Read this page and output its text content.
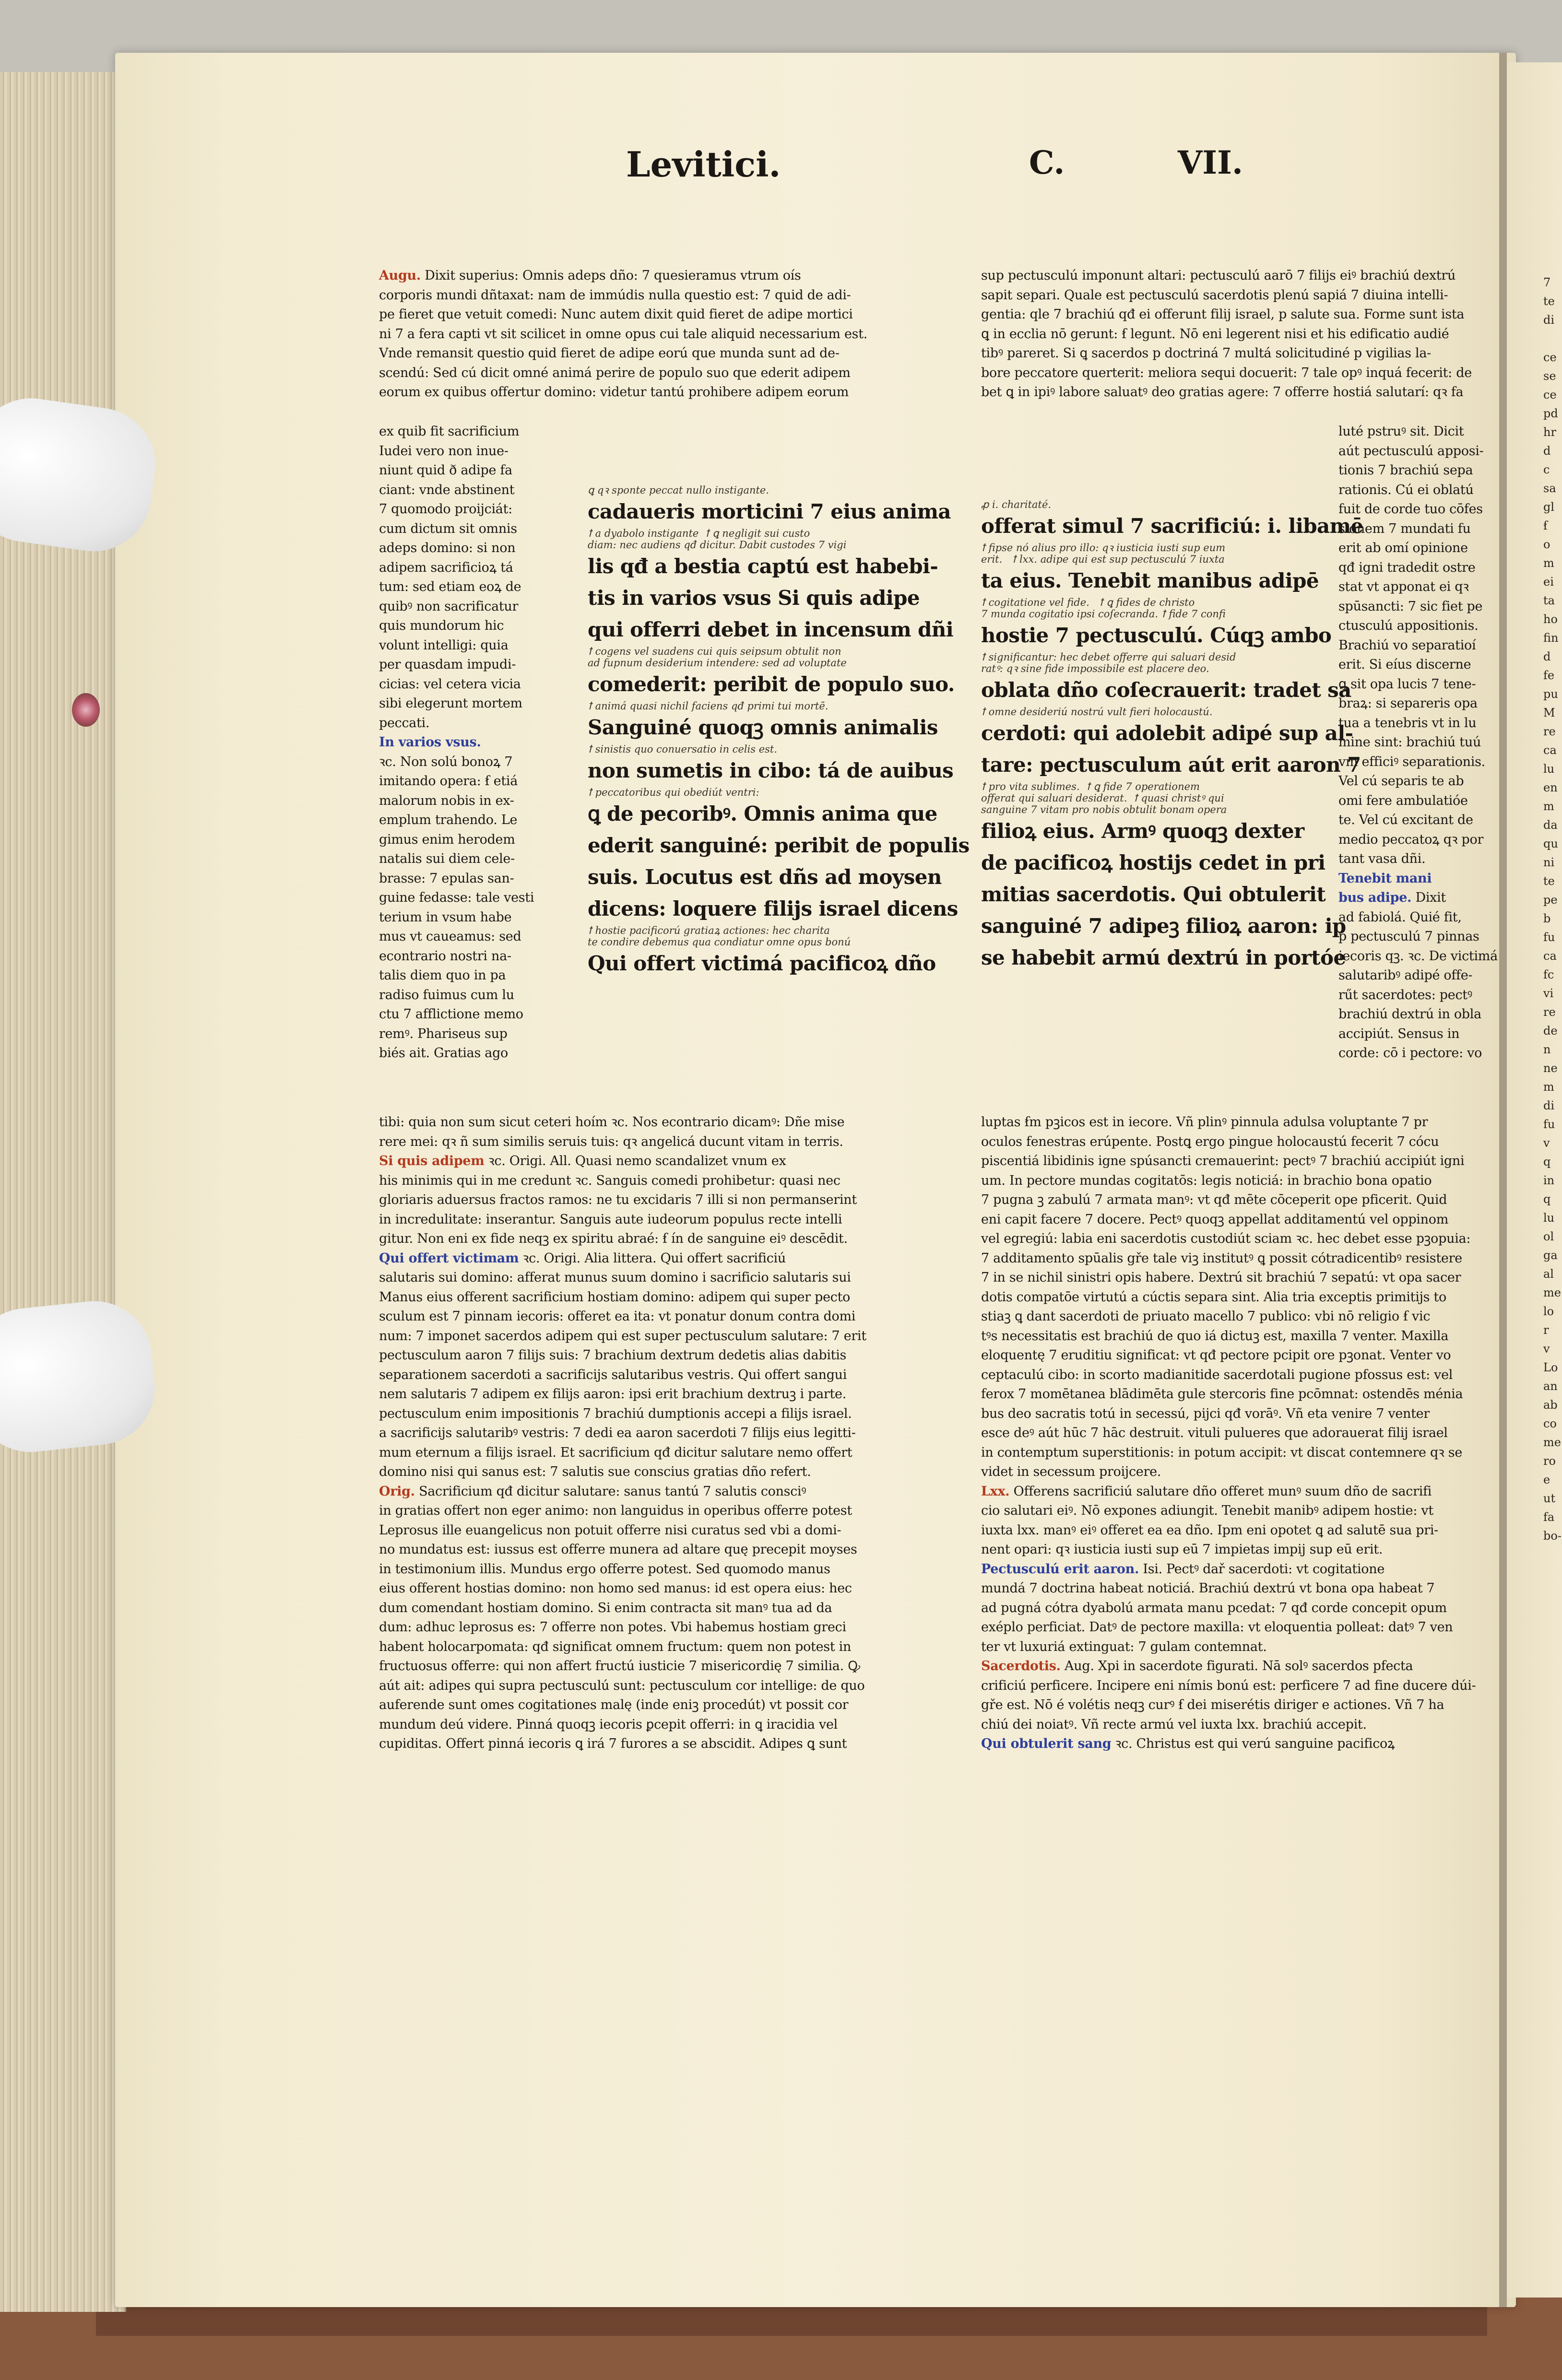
7
te
di

ce
se
ce
pd
hr
d
c
sa
gl
ẜ
o
m
ei
ta
ho
fin
d
fe
pu
M
re
ca
lu
en
m
da
qu
ni
te
pe
b
fu
ca
fc
vi
re
de
n
ne
m
di
fu
v
q
in
q
lu
ol
ga
al
me
lo
r
v
Lo
an
ab
co
me
ro
e
ut
fa
bo-
Levitici.	C.	VII.
Augu. Dixit superius: Omnis adeps dño: 7 quesieramus vtrum oís
corporis mundi dñtaxat: nam de immúdis nulla questio est: 7 quid de adi-
pe fieret que vetuit comedi: Nunc autem dixit quid fieret de adipe mortici
ni 7 a fera capti vt sit scilicet in omne opus cui tale aliquid necessarium est.
Vnde remansit questio quid fieret de adipe eorú que munda sunt ad de-
scendú: Sed cú dicit omné animá perire de populo suo que ederit adipem
eorum ex quibus offertur domino: videtur tantú prohibere adipem eorum
sup pectusculú imponunt altari: pectusculú aarō 7 filijs eiꝰ brachiú dextrú
sapit separi. Quale est pectusculú sacerdotis plenú sapiá 7 diuina intelli-
gentia: qle 7 brachiú qđ ei offerunt filij israel, p salute sua. Forme sunt ista
ꝗ in ecclia nō gerunt: ẜ legunt. Nō eni legerent nisi et his edificatio audié
tibꝰ pareret. Si ꝗ sacerdos p doctriná 7 multá solicitudiné p vigilias la-
bore peccatore querterit: meliora sequi docuerit: 7 tale opꝰ inquá fecerit: de
bet ꝗ in ipiꝰ labore saluatꝰ deo gratias agere: 7 offerre hostiá salutarí: qꝛ fa
ex quib fit sacrificium
Iudei vero non inue-
niunt quid ð adipe fa
ciant: vnde abstinent
7 quomodo proijciát:
cum dictum sit omnis
adeps domino: si non
adipem sacrificioꝝ tá
tum: sed etiam eoꝝ de
quibꝰ non sacrificatur
quis mundorum hic
volunt intelligi: quia
per quasdam impudi-
cicias: vel cetera vicia
sibi elegerunt mortem
peccati.
In varios vsus.
ꝛc. Non solú bonoꝝ 7
imitando opera: ẜ etiá
malorum nobis in ex-
emplum trahendo. Le
gimus enim herodem
natalis sui diem cele-
brasse: 7 epulas san-
guine fedasse: tale vesti
terium in vsum habe
mus vt caueamus: sed
econtrario nostri na-
talis diem quo in pa
radiso fuimus cum lu
ctu 7 afflictione memo
remꝰ. Phariseus sup
biés ait. Gratias ago
luté pstruꝰ sit. Dicit
aút pectusculú apposi-
tionis 7 brachiú sepa
rationis. Cú ei oblatú
fuit de corde tuo cōfes
sionem 7 mundati fu
erit ab omí opinione
qđ igni tradedit ostre
stat vt apponat ei qꝛ
spūsancti: 7 sic fiet pe
ctusculú appositionis.
Brachiú vo separatioí
erit. Si eíus discerne
ꝗ sit opa lucis 7 tene-
braꝝ: si separeris opa
tua a tenebris vt in lu
mine sint: brachiú tuú
vm efficiꝰ separationis.
Vel cú separis te ab
omi fere ambulatióe
te. Vel cú excitant de
medio peccatoꝝ qꝛ por
tant vasa dñi.
Tenebit mani
bus adipe. Dixit
ad fabiolá. Quié fit,
p pectusculú 7 pinnas
iecoris qꝫ. ꝛc. De victimá
salutaribꝰ adipé offe-
rűt sacerdotes: pectꝰ
brachiú dextrú in obla
accipiút. Sensus in
corde: cō i pectore: vo
ꝗ qꝛ sponte peccat nullo instigante.
cadaueris morticini 7 eius anima
ꝉ a dyabolo instigante  ꝉ ꝗ negligit sui custo
diam: nec audiens qđ dicitur. Dabit custodes 7 vigi
lis qđ a bestia captú est habebi-
tis in varios vsus Si quis adipe
qui offerri debet in incensum dñi
ꝉ cogens vel suadens cui quis seipsum obtulit non
ad fupnum desiderium intendere: sed ad voluptate
comederit: peribit de populo suo.
ꝉ animá quasi nichil faciens qđ primi tui mortē.
Sanguiné quoqꝫ omnis animalis
ꝉ sinistis quo conuersatio in celis est.
non sumetis in cibo: tá de auibus
ꝉ peccatoribus qui obediút ventri:
ꝗ de pecoribꝰ. Omnis anima que
ederit sanguiné: peribit de populis
suis. Locutus est dñs ad moysen
dicens: loquere filijs israel dicens
ꝉ hostie pacificorú gratiaꝝ actiones: hec charita
te condire debemus qua condiatur omne opus bonú
Qui offert victimá pacificoꝝ dño
ꝓ i. charitaté.
offerat simul 7 sacrificiú: i. libamē
ꝉ fipse nó alius pro illo: qꝛ iusticia iusti sup eum
erit.   ꝉ lxx. adipe qui est sup pectusculú 7 iuxta
ta eius. Tenebit manibus adipē
ꝉ cogitatione vel fide.   ꝉ ꝗ fides de christo
7 munda cogitatio ipsi coſecranda. ꝉ fide 7 confi
hostie 7 pectusculú. Cúqꝫ ambo
ꝉ significantur: hec debet offerre qui saluari desid
ratꝰ: qꝛ sine fide impossibile est placere deo.
oblata dño coſecrauerit: tradet sa
ꝉ omne desideriú nostrú vult fieri holocaustú.
cerdoti: qui adolebit adipé sup al-
tare: pectusculum aút erit aaron 7
ꝉ pro vita sublimes.  ꝉ ꝗ fide 7 operationem
offerat qui saluari desiderat.  ꝉ quasi christꝰ qui
sanguine 7 vitam pro nobis obtulit bonam opera
filioꝝ eius. Armꝰ quoqꝫ dexter
de pacificoꝝ hostijs cedet in pri
mitias sacerdotis. Qui obtulerit
sanguiné 7 adipeꝫ filioꝝ aaron: ip
se habebit armú dextrú in portóe
tibi: quia non sum sicut ceteri hoím ꝛc. Nos econtrario dicamꝰ: Dñe mise
rere mei: qꝛ ñ sum similis seruis tuis: qꝛ angelicá ducunt vitam in terris.
Si quis adipem ꝛc. Origi. All. Quasi nemo scandalizet vnum ex
his minimis qui in me credunt ꝛc. Sanguis comedi prohibetur: quasi nec
gloriaris aduersus fractos ramos: ne tu excidaris 7 illi si non permanserint
in incredulitate: inserantur. Sanguis aute iudeorum populus recte intelli
gitur. Non eni ex fide neqꝫ ex spiritu abraé: ẜ ín de sanguine eiꝰ descēdit.
Qui offert victimam ꝛc. Origi. Alia littera. Qui offert sacrificiú
salutaris sui domino: afferat munus suum domino i sacrificio salutaris sui
Manus eius offerent sacrificium hostiam domino: adipem qui super pecto
sculum est 7 pinnam iecoris: offeret ea ita: vt ponatur donum contra domi
num: 7 imponet sacerdos adipem qui est super pectusculum salutare: 7 erit
pectusculum aaron 7 filijs suis: 7 brachium dextrum dedetis alias dabitis
separationem sacerdoti a sacrificijs salutaribus vestris. Qui offert sangui
nem salutaris 7 adipem ex filijs aaron: ipsi erit brachium dextruꝫ i parte.
pectusculum enim impositionis 7 brachiú dumptionis accepi a filijs israel.
a sacrificijs salutaribꝰ vestris: 7 dedi ea aaron sacerdoti 7 filijs eius legitti-
mum eternum a filijs israel. Et sacrificium qđ dicitur salutare nemo offert
domino nisi qui sanus est: 7 salutis sue conscius gratias dño refert.
Orig. Sacrificium qđ dicitur salutare: sanus tantú 7 salutis consciꝰ
in gratias offert non eger animo: non languidus in operibus offerre potest
Leprosus ille euangelicus non potuit offerre nisi curatus sed vbi a domi-
no mundatus est: iussus est offerre munera ad altare quę precepit moyses
in testimonium illis. Mundus ergo offerre potest. Sed quomodo manus
eius offerent hostias domino: non homo sed manus: id est opera eius: hec
dum comendant hostiam domino. Si enim contracta sit manꝰ tua ad da
dum: adhuc leprosus es: 7 offerre non potes. Vbi habemus hostiam greci
habent holocarpomata: qđ significat omnem fructum: quem non potest in
fructuosus offerre: qui non affert fructú iusticie 7 misericordię 7 similia. Ꝙ
aút ait: adipes qui supra pectusculú sunt: pectusculum cor intellige: de quo
auferende sunt omes cogitationes malę (inde eniꝫ procedút) vt possit cor
mundum deú videre. Pinná quoqꝫ iecoris ꝑcepit offerri: in ꝗ iracidia vel
cupiditas. Offert pinná iecoris ꝗ irá 7 furores a se abscidit. Adipes ꝗ sunt
luptas ẜm pꝫicos est in iecore. Vñ plinꝰ pinnula adulsa voluptante 7 pr
oculos fenestras erúpente. Postꝗ ergo pingue holocaustú fecerit 7 cócu
piscentiá libidinis igne spúsancti cremauerint: pectꝰ 7 brachiú accipiút igni
um. In pectore mundas cogitatōs: legis noticiá: in brachio bona opatio
7 pugna ꝫ zabulú 7 armata manꝰ: vt qđ mēte cōceperit ope pficerit. Quid
eni capit facere 7 docere. Pectꝰ quoqꝫ appellat additamentú vel oppinom
vel egregiú: labia eni sacerdotis custodiút sciam ꝛc. hec debet esse pꝫopuia:
7 additamento spūalis gře tale viꝫ institutꝰ ꝗ possit cótradicentibꝰ resistere
7 in se nichil sinistri opis habere. Dextrú sit brachiú 7 sepatú: vt opa sacer
dotis compatōe virtutú a cúctis separa sint. Alia tria exceptis primitijs to
stiaꝫ ꝗ dant sacerdoti de priuato macello 7 publico: vbi nō religio ẜ vic
tꝰs necessitatis est brachiú de quo iá dictuꝫ est, maxilla 7 venter. Maxilla
eloquentę 7 eruditiu significat: vt qđ pectore pcipit ore pꝫonat. Venter vo
ceptaculú cibo: in scorto madianitide sacerdotali pugione pfossus est: vel
ferox 7 momētanea blādimēta gule stercoris fine pcōmnat: ostendēs ménia
bus deo sacratis totú in secessú, pijci qđ vorāꝰ. Vñ eta venire 7 venter
esce deꝰ aút hūc 7 hāc destruit. vituli pulueres que adorauerat filij israel
in contemptum superstitionis: in potum accipit: vt discat contemnere qꝛ se
videt in secessum proijcere.
Lxx. Offerens sacrificiú salutare dño offeret munꝰ suum dño de sacrifi
cio salutari eiꝰ. Nō expones adiungit. Tenebit manibꝰ adipem hostie: vt
iuxta lxx. manꝰ eiꝰ offeret ea ea dño. Ipm eni opotet ꝗ ad salutē sua pri-
nent opari: qꝛ iusticia iusti sup eū 7 impietas impij sup eū erit.
Pectusculú erit aaron. Isi. Pectꝰ dař sacerdoti: vt cogitatione
mundá 7 doctrina habeat noticiá. Brachiú dextrú vt bona opa habeat 7
ad pugná cótra dyabolú armata manu pcedat: 7 qđ corde concepit opum
exéplo perficiat. Datꝰ de pectore maxilla: vt eloquentia polleat: datꝰ 7 ven
ter vt luxuriá extinguat: 7 gulam contemnat.
Sacerdotis. Aug. Xpi in sacerdote figurati. Nā solꝰ sacerdos pfecta
crificiú perficere. Incipere eni nímis bonú est: perficere 7 ad fine ducere dúi-
gře est. Nō é volétis neqꝫ curꝰ ẜ dei miserétis diriger e actiones. Vñ 7 ha
chiú dei noiatꝰ. Vñ recte armú vel iuxta lxx. brachiú accepit.
Qui obtulerit sang ꝛc. Christus est qui verú sanguine pacificoꝝ
